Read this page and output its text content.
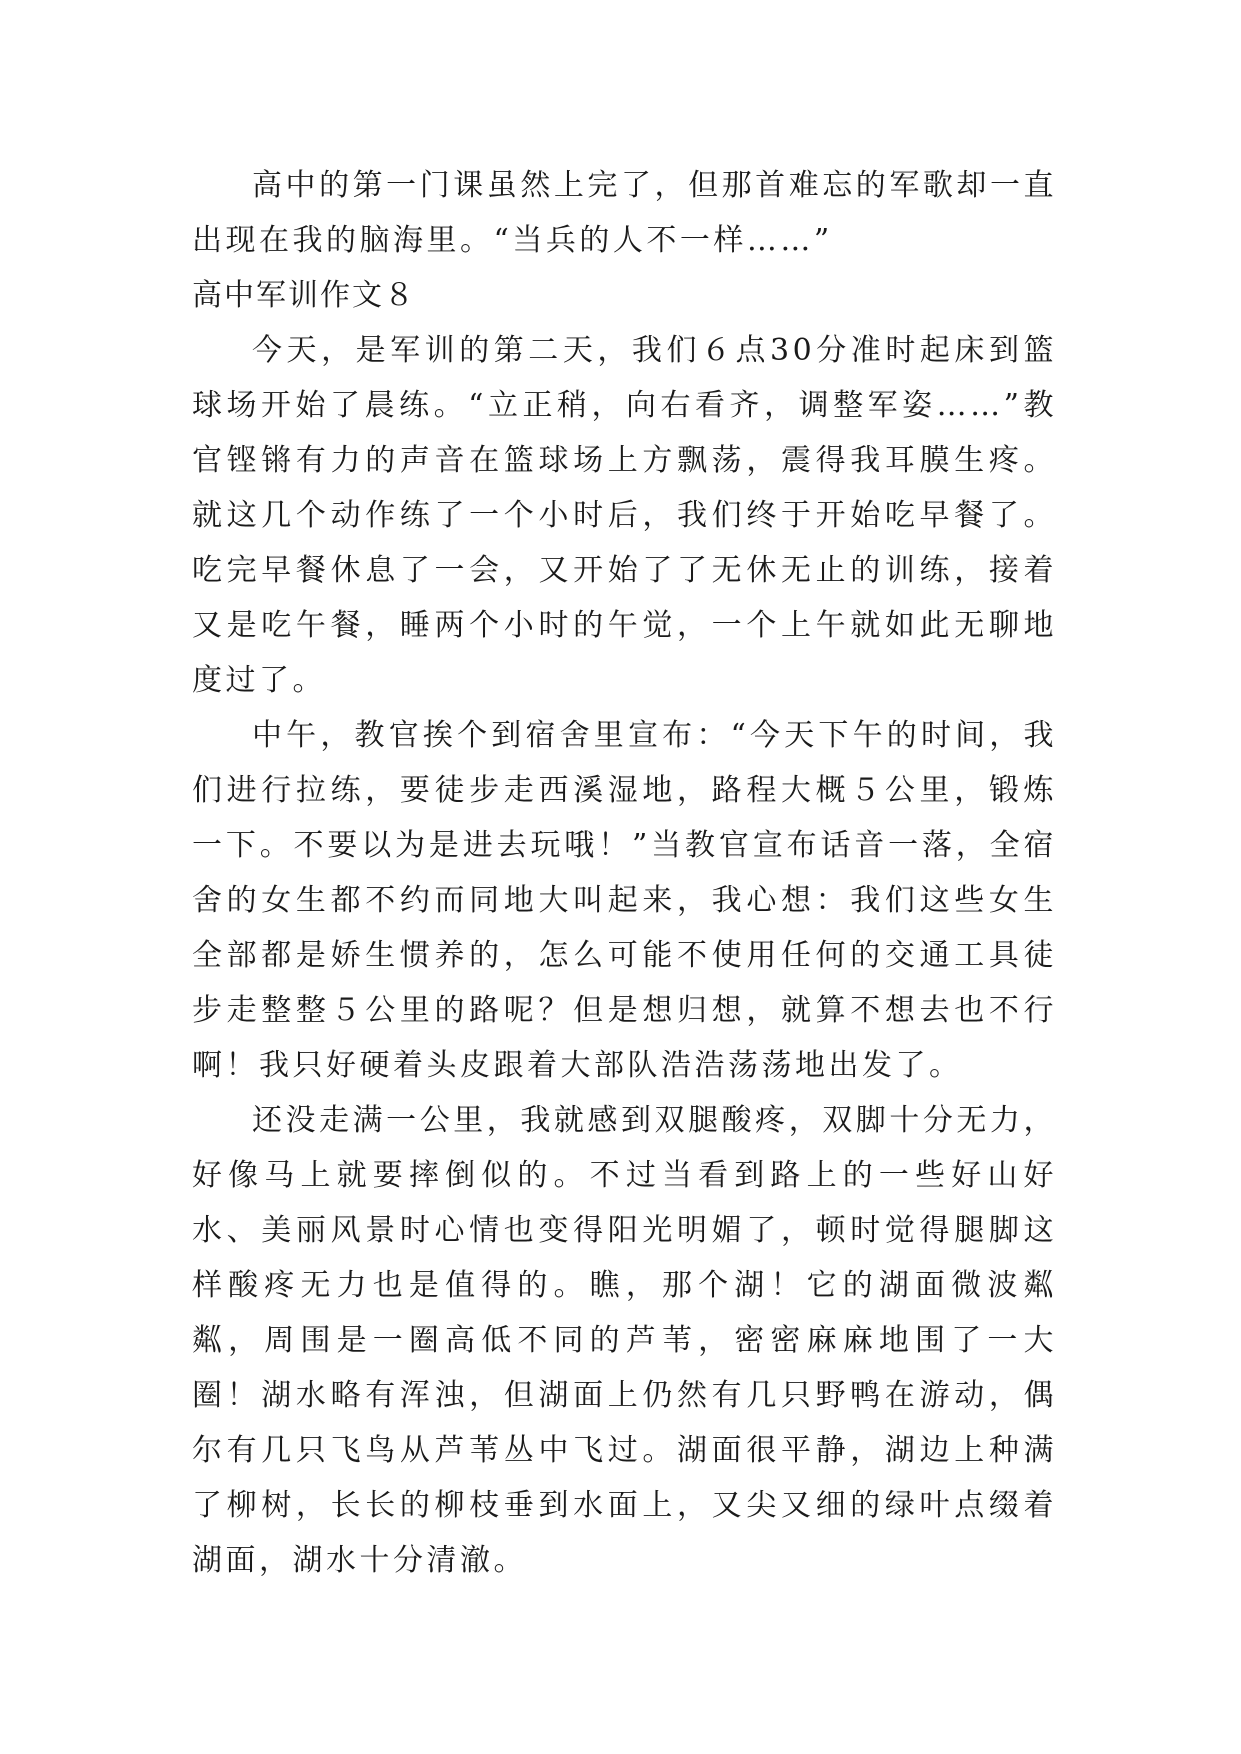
高中的第一门课虽然上完了，但那首难忘的军歌却一直出现在我的脑海里。“当兵的人不一样……”

高中军训作文８

今天，是军训的第二天，我们６点30分准时起床到篮球场开始了晨练。“立正稍，向右看齐，调整军姿……”教官铿锵有力的声音在篮球场上方飘荡，震得我耳膜生疼。就这几个动作练了一个小时后，我们终于开始吃早餐了。吃完早餐休息了一会，又开始了了无休无止的训练，接着又是吃午餐，睡两个小时的午觉，一个上午就如此无聊地度过了。

中午，教官挨个到宿舍里宣布：“今天下午的时间，我们进行拉练，要徒步走西溪湿地，路程大概５公里，锻炼一下。不要以为是进去玩哦！”当教官宣布话音一落，全宿舍的女生都不约而同地大叫起来，我心想：我们这些女生全部都是娇生惯养的，怎么可能不使用任何的交通工具徒步走整整５公里的路呢？但是想归想，就算不想去也不行啊！我只好硬着头皮跟着大部队浩浩荡荡地出发了。

还没走满一公里，我就感到双腿酸疼，双脚十分无力，好像马上就要摔倒似的。不过当看到路上的一些好山好水、美丽风景时心情也变得阳光明媚了，顿时觉得腿脚这样酸疼无力也是值得的。瞧，那个湖！它的湖面微波粼粼，周围是一圈高低不同的芦苇，密密麻麻地围了一大圈！湖水略有浑浊，但湖面上仍然有几只野鸭在游动，偶尔有几只飞鸟从芦苇丛中飞过。湖面很平静，湖边上种满了柳树，长长的柳枝垂到水面上，又尖又细的绿叶点缀着湖面，湖水十分清澈。
